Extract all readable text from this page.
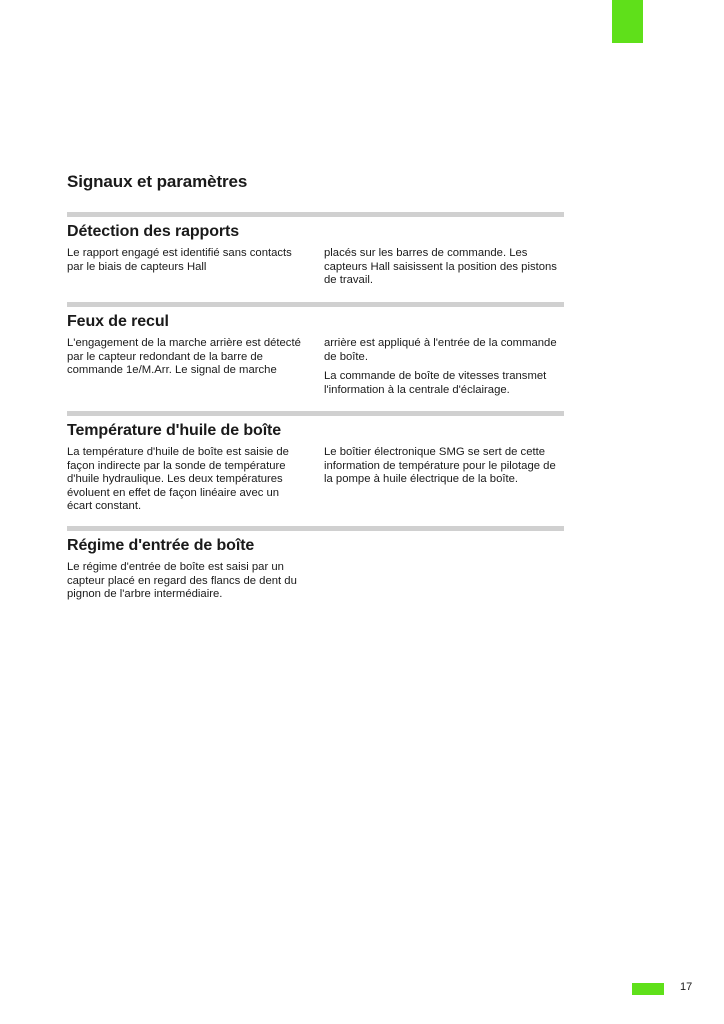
Signaux et paramètres
Détection des rapports

Le rapport engagé est identifié sans contacts par le biais de capteurs Hall

placés sur les barres de commande. Les capteurs Hall saisissent la position des pistons de travail.

Feux de recul

L'engagement de la marche arrière est détecté par le capteur redondant de la barre de commande 1e/M.Arr. Le signal de marche

arrière est appliqué à l'entrée de la commande de boîte.

La commande de boîte de vitesses transmet l'information à la centrale d'éclairage.

Température d'huile de boîte

La température d'huile de boîte est saisie de façon indirecte par la sonde de température d'huile hydraulique. Les deux températures évoluent en effet de façon linéaire avec un écart constant.

Le boîtier électronique SMG se sert de cette information de température pour le pilotage de la pompe à huile électrique de la boîte.

Régime d'entrée de boîte

Le régime d'entrée de boîte est saisi par un capteur placé en regard des flancs de dent du pignon de l'arbre intermédiaire.

17
